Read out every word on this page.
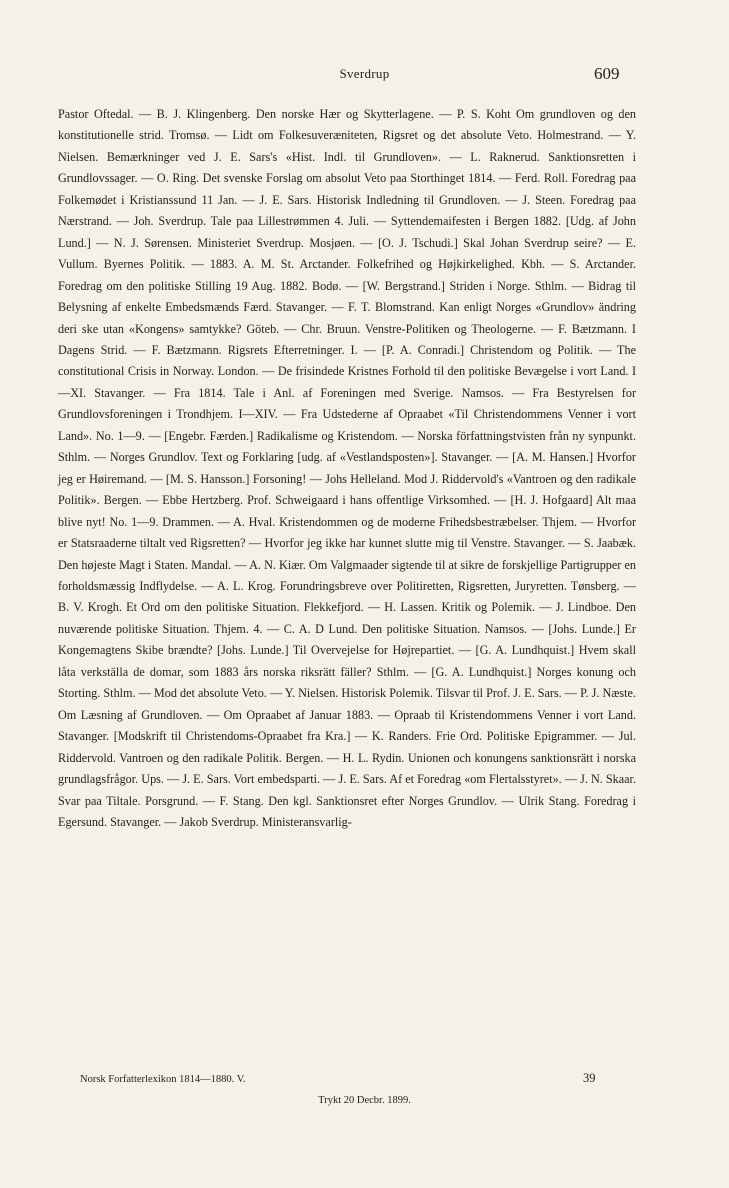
Sverdrup	609

Pastor Oftedal. — B. J. Klingenberg. Den norske Hær og Skytterlagene. — P. S. Koht Om grundloven og den konstitutionelle strid. Tromsø. — Lidt om Folkesuveræniteten, Rigsret og det absolute Veto. Holmestrand. — Y. Nielsen. Bemærkninger ved J. E. Sars's «Hist. Indl. til Grundloven». — L. Raknerud. Sanktionsretten i Grundlovssager. — O. Ring. Det svenske Forslag om absolut Veto paa Storthinget 1814. — Ferd. Roll. Foredrag paa Folkemødet i Kristianssund 11 Jan. — J. E. Sars. Historisk Indledning til Grundloven. — J. Steen. Foredrag paa Nærstrand. — Joh. Sverdrup. Tale paa Lillestrømmen 4. Juli. — Syttendemaifesten i Bergen 1882. [Udg. af John Lund.] — N. J. Sørensen. Ministeriet Sverdrup. Mosjøen. — [O. J. Tschudi.] Skal Johan Sverdrup seire? — E. Vullum. Byernes Politik. — 1883. A. M. St. Arctander. Folkefrihed og Højkirkelighed. Kbh. — S. Arctander. Foredrag om den politiske Stilling 19 Aug. 1882. Bodø. — [W. Bergstrand.] Striden i Norge. Sthlm. — Bidrag til Belysning af enkelte Embedsmænds Færd. Stavanger. — F. T. Blomstrand. Kan enligt Norges «Grundlov» ändring deri ske utan «Kongens» samtykke? Göteb. — Chr. Bruun. Venstre-Politiken og Theologerne. — F. Bætzmann. I Dagens Strid. — F. Bætzmann. Rigsrets Efterretninger. I. — [P. A. Conradi.] Christendom og Politik. — The constitutional Crisis in Norway. London. — De frisindede Kristnes Forhold til den politiske Bevægelse i vort Land. I—XI. Stavanger. — Fra 1814. Tale i Anl. af Foreningen med Sverige. Namsos. — Fra Bestyrelsen for Grundlovsforeningen i Trondhjem. I—XIV. — Fra Udstederne af Opraabet «Til Christendommens Venner i vort Land». No. 1—9. — [Engebr. Færden.] Radikalisme og Kristendom. — Norska författningstvisten från ny synpunkt. Sthlm. — Norges Grundlov. Text og Forklaring [udg. af «Vestlandsposten»]. Stavanger. — [A. M. Hansen.] Hvorfor jeg er Høiremand. — [M. S. Hansson.] Forsoning! — Johs Helleland. Mod J. Riddervold's «Vantroen og den radikale Politik». Bergen. — Ebbe Hertzberg. Prof. Schweigaard i hans offentlige Virksomhed. — [H. J. Hofgaard] Alt maa blive nyt! No. 1—9. Drammen. — A. Hval. Kristendommen og de moderne Frihedsbestræbelser. Thjem. — Hvorfor er Statsraaderne tiltalt ved Rigsretten? — Hvorfor jeg ikke har kunnet slutte mig til Venstre. Stavanger. — S. Jaabæk. Den højeste Magt i Staten. Mandal. — A. N. Kiær. Om Valgmaader sigtende til at sikre de forskjellige Partigrupper en forholdsmæssig Indflydelse. — A. L. Krog. Forundringsbreve over Politiretten, Rigsretten, Juryretten. Tønsberg. — B. V. Krogh. Et Ord om den politiske Situation. Flekkefjord. — H. Lassen. Kritik og Polemik. — J. Lindboe. Den nuværende politiske Situation. Thjem. 4. — C. A. D Lund. Den politiske Situation. Namsos. — [Johs. Lunde.] Er Kongemagtens Skibe brændte? [Johs. Lunde.] Til Overvejelse for Højrepartiet. — [G. A. Lundhquist.] Hvem skall låta verkställa de domar, som 1883 års norska riksrätt fäller? Sthlm. — [G. A. Lundhquist.] Norges konung och Storting. Sthlm. — Mod det absolute Veto. — Y. Nielsen. Historisk Polemik. Tilsvar til Prof. J. E. Sars. — P. J. Næste. Om Læsning af Grundloven. — Om Opraabet af Januar 1883. — Opraab til Kristendommens Venner i vort Land. Stavanger. [Modskrift til Christendoms-Opraabet fra Kra.] — K. Randers. Frie Ord. Politiske Epigrammer. — Jul. Riddervold. Vantroen og den radikale Politik. Bergen. — H. L. Rydin. Unionen och konungens sanktionsrätt i norska grundlagsfrågor. Ups. — J. E. Sars. Vort embedsparti. — J. E. Sars. Af et Foredrag «om Flertalsstyret». — J. N. Skaar. Svar paa Tiltale. Porsgrund. — F. Stang. Den kgl. Sanktionsret efter Norges Grundlov. — Ulrik Stang. Foredrag i Egersund. Stavanger. — Jakob Sverdrup. Ministeransvarlig-

Norsk Forfatterlexikon 1814—1880. V.	39
Trykt 20 Decbr. 1899.
